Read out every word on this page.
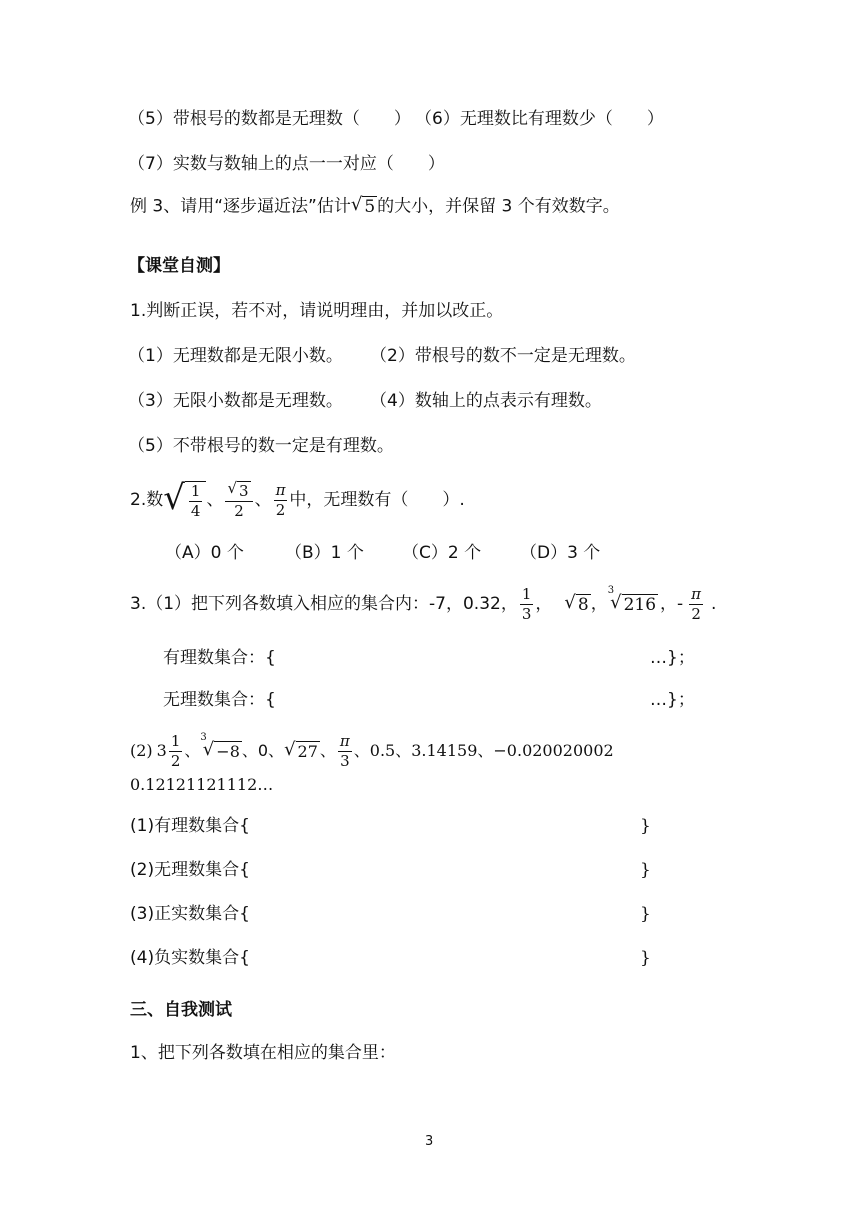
（5）带根号的数都是无理数（　　） （6）无理数比有理数少（　　）
（7）实数与数轴上的点一一对应（　　）
例 3、请用“逐步逼近法”估计 √ 5 的大小，并保留 3 个有效数字。
【课堂自测】
1.判断正误，若不对，请说明理由，并加以改正。
（1）无理数都是无限小数。 （2）带根号的数不一定是无理数。
（3）无限小数都是无理数。 （4）数轴上的点表示有理数。
（5）不带根号的数一定是有理数。
2.数 √ $\frac{1}{4}$ 、 $\frac{√ 3}{2}$ 、 $\frac{\pi}{2}$ 中，无理数有（　　）.
（A）0 个 （B）1 个 （C）2 个 （D）3 个
3.（1）把下列各数填入相应的集合内：-7，0.32， $\frac{1}{3}$ ， √ 8 ，
3
√ 216 ，- $\frac{\pi}{2}$ .
有理数集合：{	…}；
无理数集合：{	…}；
(2) $3 \frac{1}{2}$ 、
3
√ −8 、0、 √ 27 、 $\frac{\pi}{3}$ 、0.5、3.14159、−0.020020002
0.12121121112…
(1)有理数集合{	}
(2)无理数集合{	}
(3)正实数集合{	}
(4)负实数集合{	}
三、自我测试
1、把下列各数填在相应的集合里：
3
